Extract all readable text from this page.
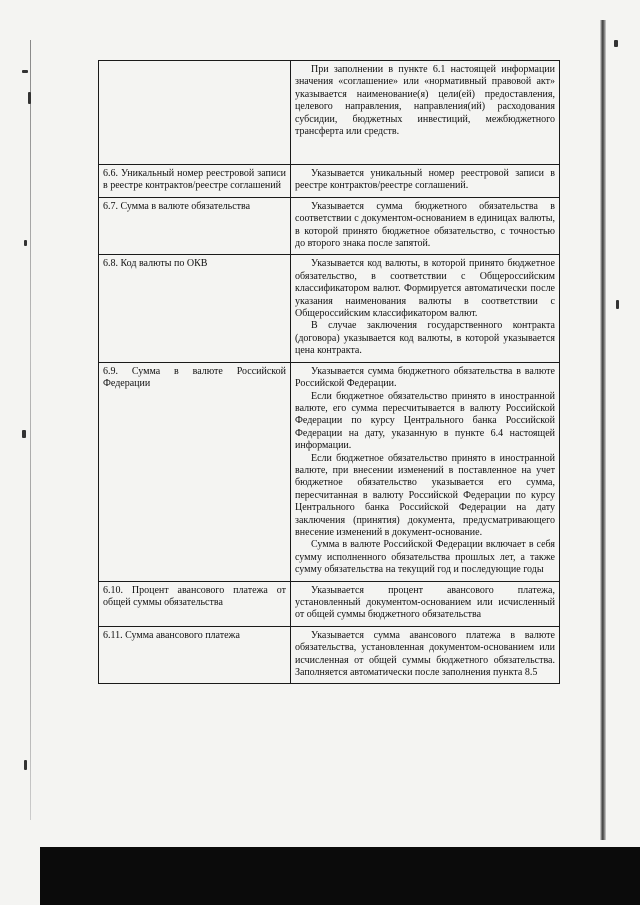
	При заполнении в пункте 6.1 настоящей информации значения «соглашение» или «нормативный правовой акт» указывается наименование(я) цели(ей) предоставления, целевого направления, направления(ий) расходования субсидии, бюджетных инвестиций, межбюджетного трансферта или средств.

6.6. Уникальный номер реестровой записи в реестре контрактов/реестре соглашений	Указывается уникальный номер реестровой записи в реестре контрактов/реестре соглашений.

6.7. Сумма в валюте обязательства	Указывается сумма бюджетного обязательства в соответствии с документом-основанием в единицах валюты, в которой принято бюджетное обязательство, с точностью до второго знака после запятой.

6.8. Код валюты по ОКВ	Указывается код валюты, в которой принято бюджетное обязательство, в соответствии с Общероссийским классификатором валют. Формируется автоматически после указания наименования валюты в соответствии с Общероссийским классификатором валют.

В случае заключения государственного контракта (договора) указывается код валюты, в которой указывается цена контракта.

6.9. Сумма в валюте Российской Федерации	Указывается сумма бюджетного обязательства в валюте Российской Федерации.

Если бюджетное обязательство принято в иностранной валюте, его сумма пересчитывается в валюту Российской Федерации по курсу Центрального банка Российской Федерации на дату, указанную в пункте 6.4 настоящей информации.

Если бюджетное обязательство принято в иностранной валюте, при внесении изменений в поставленное на учет бюджетное обязательство указывается его сумма, пересчитанная в валюту Российской Федерации по курсу Центрального банка Российской Федерации на дату заключения (принятия) документа, предусматривающего внесение изменений в документ-основание.

Сумма в валюте Российской Федерации включает в себя сумму исполненного обязательства прошлых лет, а также сумму обязательства на текущий год и последующие годы

6.10. Процент авансового платежа от общей суммы обязательства	Указывается процент авансового платежа, установленный документом-основанием или исчисленный от общей суммы бюджетного обязательства

6.11. Сумма авансового платежа	Указывается сумма авансового платежа в валюте обязательства, установленная документом-основанием или исчисленная от общей суммы бюджетного обязательства. Заполняется автоматически после заполнения пункта 8.5
